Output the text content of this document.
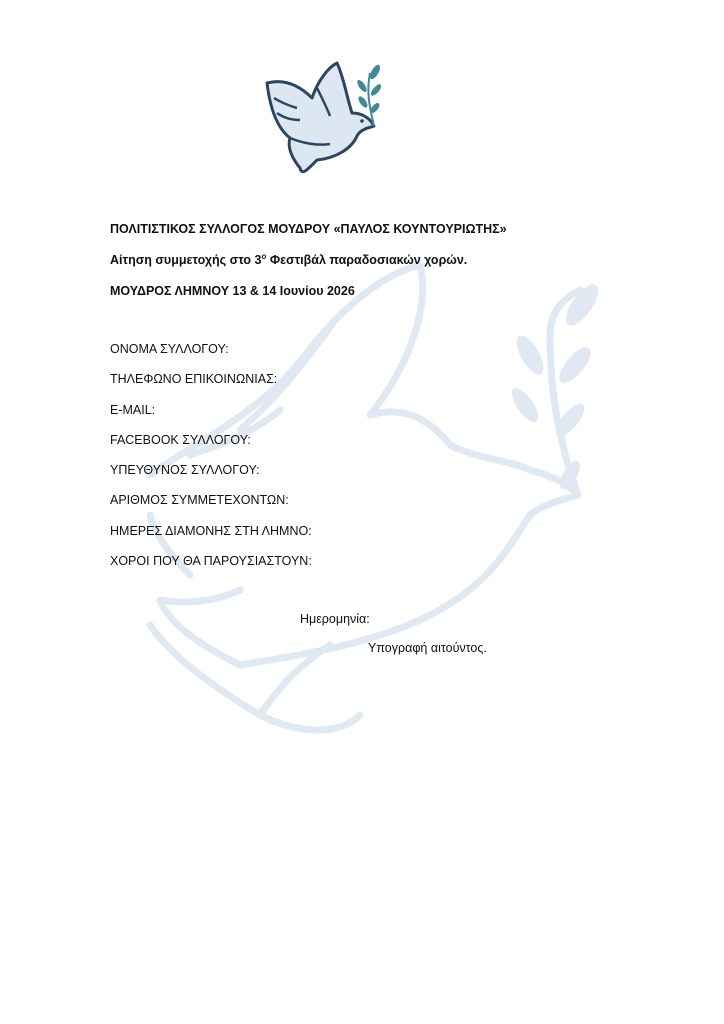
ΠΟΛΙΤΙΣΤΙΚΟΣ ΣΥΛΛΟΓΟΣ ΜΟΥΔΡΟΥ «ΠΑΥΛΟΣ ΚΟΥΝΤΟΥΡΙΩΤΗΣ»
Αίτηση συμμετοχής στο $3^o$ Φεστιβάλ παραδοσιακών χορών.
ΜΟΥΔΡΟΣ ΛΗΜΝΟΥ 13 & 14 Ιουνίου 2026
ΟΝΟΜΑ ΣΥΛΛΟΓΟΥ:
ΤΗΛΕΦΩΝΟ ΕΠΙΚΟΙΝΩΝΙΑΣ:
E-MAIL:
FACEBOOK ΣΥΛΛΟΓΟΥ:
ΥΠΕΥΘΥΝΟΣ ΣΥΛΛΟΓΟΥ:
ΑΡΙΘΜΟΣ ΣΥΜΜΕΤΕΧΟΝΤΩΝ:
ΗΜΕΡΕΣ ΔΙΑΜΟΝΗΣ ΣΤΗ ΛΗΜΝΟ:
ΧΟΡΟΙ ΠΟΥ ΘΑ ΠΑΡΟΥΣΙΑΣΤΟΥΝ:
Ημερομηνία:
Υπογραφή αιτούντος.
